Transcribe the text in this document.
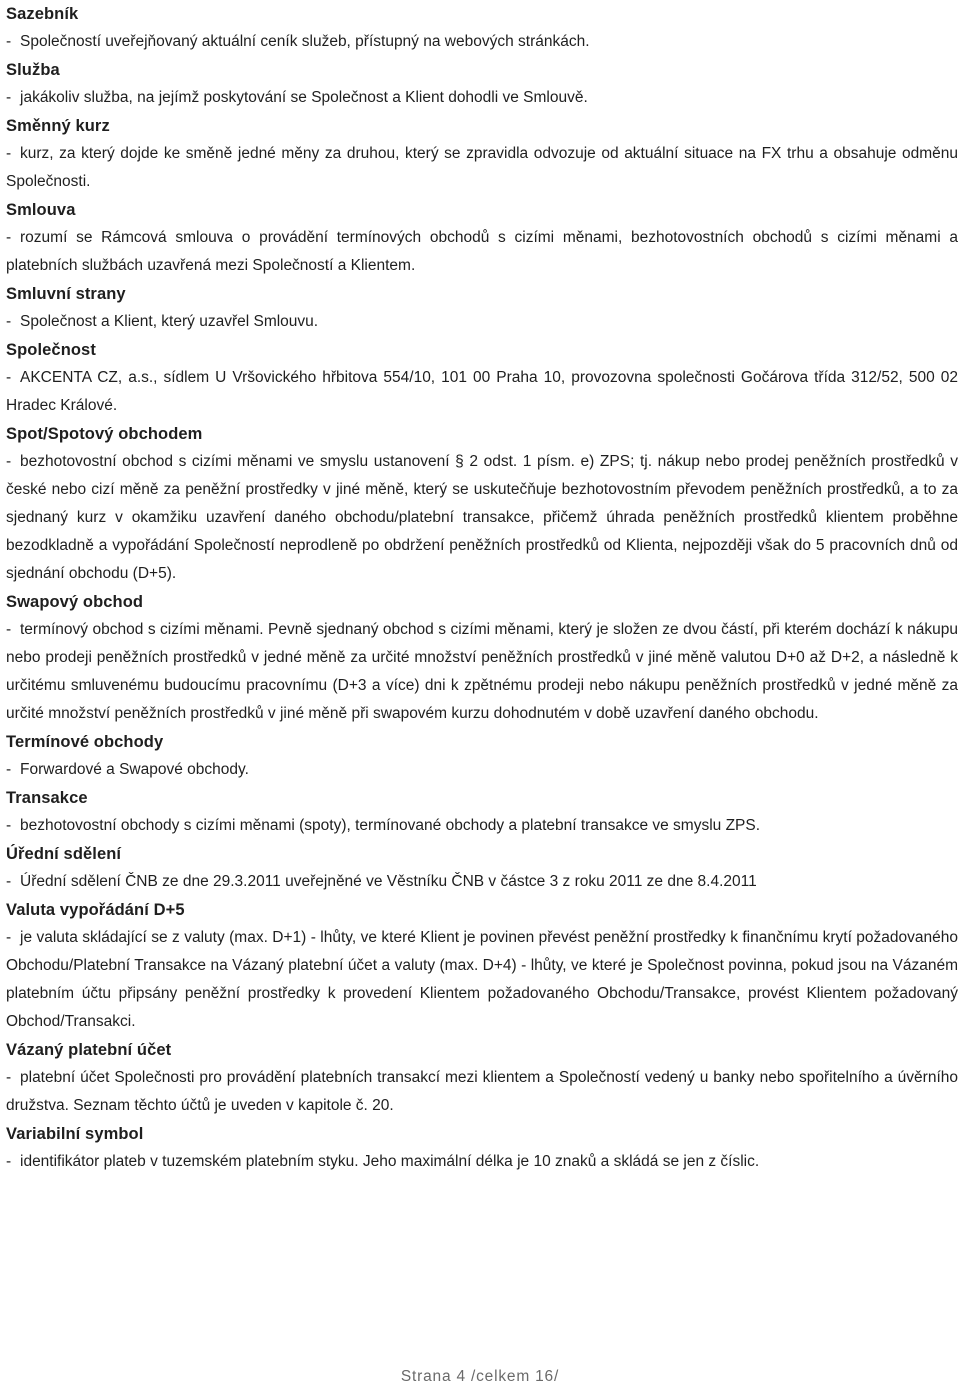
Sazebník

- Společností uveřejňovaný aktuální ceník služeb, přístupný na webových stránkách.

Služba

- jakákoliv služba, na jejímž poskytování se Společnost a Klient dohodli ve Smlouvě.

Směnný kurz

- kurz, za který dojde ke směně jedné měny za druhou, který se zpravidla odvozuje od aktuální situace na FX trhu a obsahuje odměnu Společnosti.

Smlouva

- rozumí se Rámcová smlouva o provádění termínových obchodů s cizími měnami, bezhotovostních obchodů s cizími měnami a platebních službách uzavřená mezi Společností a Klientem.

Smluvní strany

- Společnost a Klient, který uzavřel Smlouvu.

Společnost

- AKCENTA CZ, a.s., sídlem U Vršovického hřbitova 554/10, 101 00 Praha 10, provozovna společnosti Gočárova třída 312/52, 500 02 Hradec Králové.

Spot/Spotový obchodem

- bezhotovostní obchod s cizími měnami ve smyslu ustanovení § 2 odst. 1 písm. e) ZPS; tj. nákup nebo prodej peněžních prostředků v české nebo cizí měně za peněžní prostředky v jiné měně, který se uskutečňuje bezhotovostním převodem peněžních prostředků, a to za sjednaný kurz v okamžiku uzavření daného obchodu/platební transakce, přičemž úhrada peněžních prostředků klientem proběhne bezodkladně a vypořádání Společností neprodleně po obdržení peněžních prostředků od Klienta, nejpozději však do 5 pracovních dnů od sjednání obchodu (D+5).

Swapový obchod

- termínový obchod s cizími měnami. Pevně sjednaný obchod s cizími měnami, který je složen ze dvou částí, při kterém dochází k nákupu nebo prodeji peněžních prostředků v jedné měně za určité množství peněžních prostředků v jiné měně valutou D+0 až D+2, a následně k určitému smluvenému budoucímu pracovnímu (D+3 a více) dni k zpětnému prodeji nebo nákupu peněžních prostředků v jedné měně za určité množství peněžních prostředků v jiné měně při swapovém kurzu dohodnutém v době uzavření daného obchodu.

Termínové obchody

- Forwardové a Swapové obchody.

Transakce

- bezhotovostní obchody s cizími měnami (spoty), termínované obchody a platební transakce ve smyslu ZPS.

Úřední sdělení

- Úřední sdělení ČNB ze dne 29.3.2011 uveřejněné ve Věstníku ČNB v částce 3 z roku 2011 ze dne 8.4.2011

Valuta vypořádání D+5

- je valuta skládající se z valuty (max. D+1) - lhůty, ve které Klient je povinen převést peněžní prostředky k finančnímu krytí požadovaného Obchodu/Platební Transakce na Vázaný platební účet a valuty (max. D+4) - lhůty, ve které je Společnost povinna, pokud jsou na Vázaném platebním účtu připsány peněžní prostředky k provedení Klientem požadovaného Obchodu/Transakce, provést Klientem požadovaný Obchod/Transakci.

Vázaný platební účet

- platební účet Společnosti pro provádění platebních transakcí mezi klientem a Společností vedený u banky nebo spořitelního a úvěrního družstva. Seznam těchto účtů je uveden v kapitole č. 20.

Variabilní symbol

- identifikátor plateb v tuzemském platebním styku. Jeho maximální délka je 10 znaků a skládá se jen z číslic.

Strana 4 /celkem 16/
